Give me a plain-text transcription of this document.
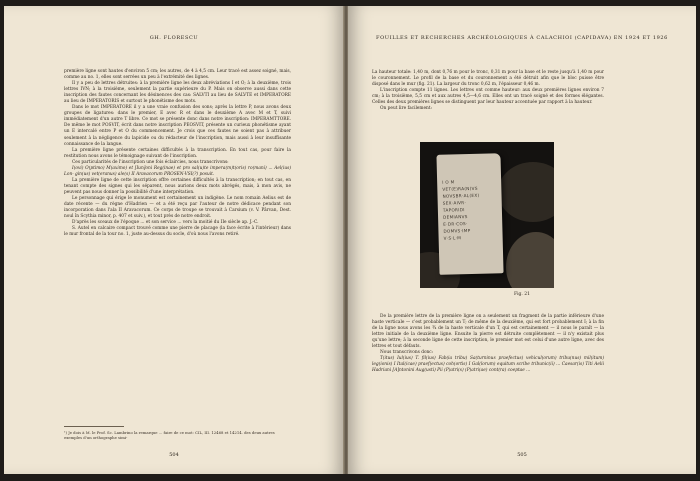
GH. FLORESCU

première ligne sont hautes d'environ 5 cm; les autres, de 4 à 4,5 cm. Leur tracé est assez soigné, mais, comme au no. 1, elles sont serrées un peu à l'extrémité des lignes.

Il y a peu de lettres détruites: à la première ligne les deux abréviations I et O; à la deuxième, trois lettres IVN; à la troisième, seulement la partie supérieure du P. Mais on observe aussi dans cette inscription des fautes concernant les désinences des cas: SALVTI au lieu de SALVTE et IMPERATORE au lieu de IMPERATORIS et surtout le phonétisme des mots.

Dans le mot IMPERATORE il y a une vraie confusion des sons; après la lettre P, nous avons deux groupes de ligatures: dans le premier, E avec R et dans le deuxième A avec M et T, suivi immédiatement d'un autre T libre. Ce mot se présente donc dans notre inscription: IMPERAMTTORE. De même le mot POSVIT, écrit dans notre inscription PEOSVIT, présente un curieux phonétisme ayant un E intercalé entre P et O du commencement. Je crois que ces fautes ne soient pas à attribuer seulement à la négligence du lapicide ou du rédacteur de l'inscription, mais aussi à leur insuffisante connaissance de la langue.

La première ligne présente certaines difficultés à la transcription. En tout cas, pour faire la restitution nous avons le témoignage suivant de l'inscription.

Ces particularités de l'inscription une fois éclaircies, nous transcrivons:

I(ovi) O(ptimo) M(aximo) et [Iun]oni Reg(inae) et pro sal(u)te impera(m)t(oris) ro(mani) ... Ael(ius) Lon- gin(us) vet(eranus) ale(s) II Aravacorum PROSEN-VSI(?) posuit.

La première ligne de cette inscription offre certaines difficultés à la transcription; en tout cas, en tenant compte des signes qui les séparent, nous aurions deux mots abrégés, mais, à mon avis, ne peuvent pas nous donner la possibilité d'une interprétation.

Le personnage qui érige le monument est certainement un indigène. Le nom romain Aelius est de date récente — du règne d'Hadrien — et a été reçu par l'auteur de notre dédicace pendant son incorporation dans l'ala II Aravacorum. Ce corps de troupe se trouvait à Carsium (v. V. Pârvan, Dest. noul în Scythia minor, p. 407 et suiv.), et tout près de notre endroit.

D'après les sceaux de l'époque ... et son service ... vers la moitié du IIe siècle ap. J.-C.

S. Autel en calcaire compact trouvé comme une pierre de placage (la face écrite à l'intérieur) dans le mur frontal de la tour no. 1, juste au-dessus du socle, d'où nous l'avons retiré.

¹) Je dois à M. le Prof. Sc. Lambrino la remarque ... faire de ce mot: CIL, III. 12468 et 14214. des deux autres exemples d'un orthographe simi-
504
FOUILLES ET RECHERCHES ARCHÉOLOGIQUES À CALACHIOI (CAPIDAVA) EN 1924 ET 1926

La hauteur totale: 1,40 m, dont 0,76 m pour le tronc, 0,31 m pour la base et le reste jusqu'à 1,40 m pour le couronnement. Le profil de la base et du couronnement a été détruit afin que le bloc puisse être disposé dans le mur (fig. 21). La largeur du tronc 0,62 m, l'épaisseur 0,46 m.

L'inscription compte 11 lignes. Les lettres ont comme hauteur: aux deux premières lignes environ 7 cm; à la troisième, 5,5 cm et aux autres 4,5—4,6 cm. Elles ont un tracé soigné et des formes élégantes. Celles des deux premières lignes se distinguent par leur hauteur accentuée par rapport à la hauteur.

On peut lire facilement:

I O M
VET(E)RA(N)VS
NOVSBR·AL(EX)
SEX·AIVR·
TAPORIDI
DEMIANVS
E·DR·COS·
DOMVS·IMP
V·S·L·M
Fig. 21

De la première lettre de la première ligne on a seulement un fragment de la partie inférieure d'une haste verticale — c'est probablement un T; de même de la deuxième, qui est fort probablement I; à la fin de la ligne nous avons les ¾ de la haste verticale d'un T, qui est certainement — il nous le paraît — la lettre initiale de la deuxième ligne. Ensuite la pierre est détruite complètement — il n'y existait plus qu'une lettre; à la seconde ligne de cette inscription, le premier mot est celui d'une autre ligne, avec des lettres et tout défauts.

Nous transcrivons donc:

T(itus) Iul(ius) T. fil(ius) Fab(ia tribu) Sa(turninus praefectus) vehicul(orum) tribu(nus) mil(itum) leg(ionis) I Ital(icae) praef(ectus) coh(ortis) I Gal(lorum) equitum scribe tribunic(ii) ... Caesar(is) Titi Aelii Hadriani [A]ntonini Aug(usti) Pii (P)atri(s) (P)atri(ae) cont(ra) coeptae ...

505
